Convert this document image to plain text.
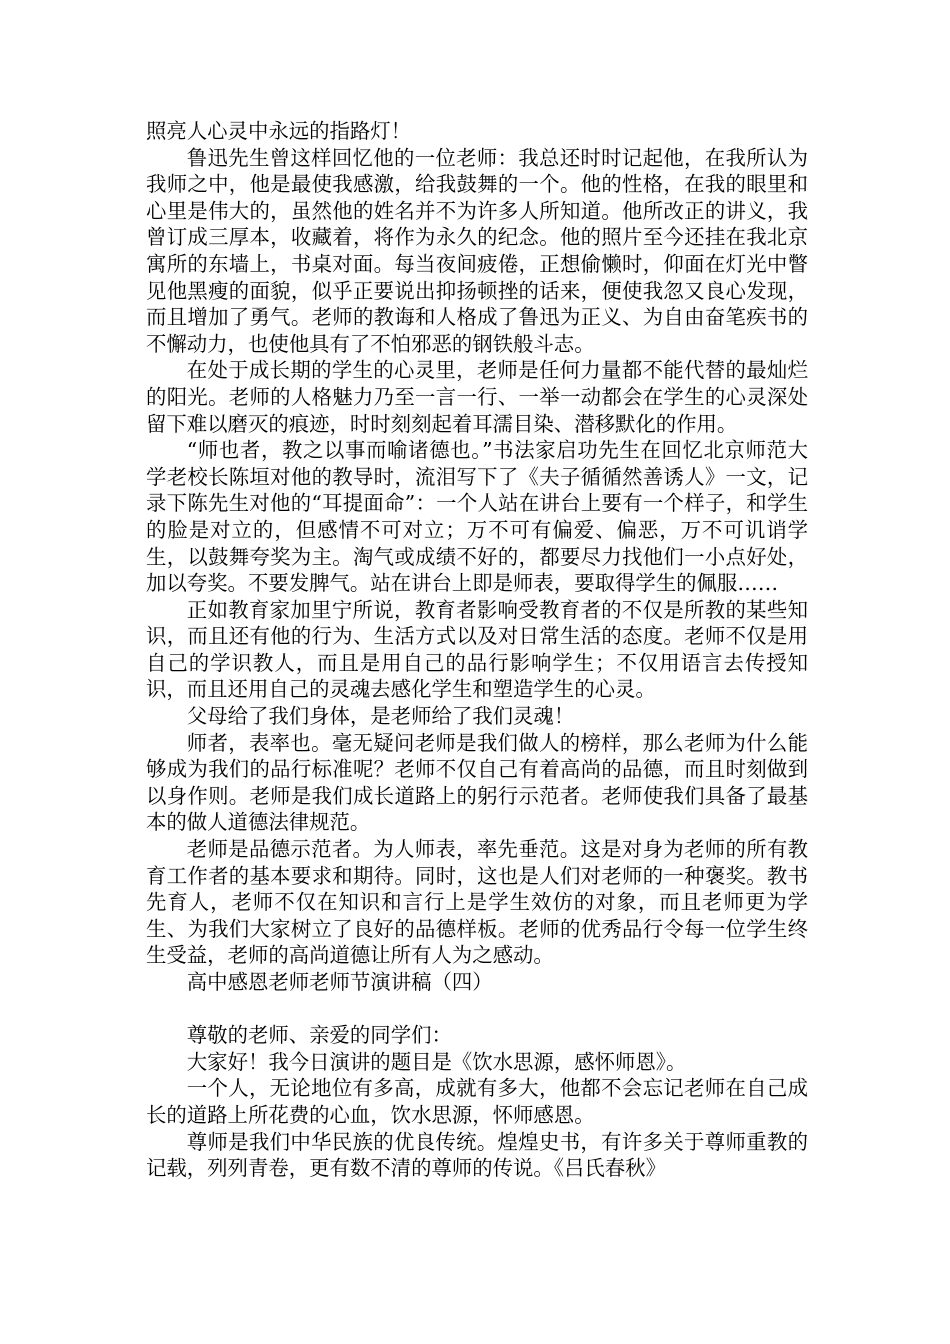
照亮人心灵中永远的指路灯！

鲁迅先生曾这样回忆他的一位老师：我总还时时记起他，在我所认为我师之中，他是最使我感激，给我鼓舞的一个。他的性格，在我的眼里和心里是伟大的，虽然他的姓名并不为许多人所知道。他所改正的讲义，我曾订成三厚本，收藏着，将作为永久的纪念。他的照片至今还挂在我北京寓所的东墙上，书桌对面。每当夜间疲倦，正想偷懒时，仰面在灯光中瞥见他黑瘦的面貌，似乎正要说出抑扬顿挫的话来，便使我忽又良心发现，而且增加了勇气。老师的教诲和人格成了鲁迅为正义、为自由奋笔疾书的不懈动力，也使他具有了不怕邪恶的钢铁般斗志。

在处于成长期的学生的心灵里，老师是任何力量都不能代替的最灿烂的阳光。老师的人格魅力乃至一言一行、一举一动都会在学生的心灵深处留下难以磨灭的痕迹，时时刻刻起着耳濡目染、潜移默化的作用。

“师也者，教之以事而喻诸德也。”书法家启功先生在回忆北京师范大学老校长陈垣对他的教导时，流泪写下了《夫子循循然善诱人》一文，记录下陈先生对他的“耳提面命”：一个人站在讲台上要有一个样子，和学生的脸是对立的，但感情不可对立；万不可有偏爱、偏恶，万不可讥诮学生，以鼓舞夸奖为主。淘气或成绩不好的，都要尽力找他们一小点好处，加以夸奖。不要发脾气。站在讲台上即是师表，要取得学生的佩服……

正如教育家加里宁所说，教育者影响受教育者的不仅是所教的某些知识，而且还有他的行为、生活方式以及对日常生活的态度。老师不仅是用自己的学识教人，而且是用自己的品行影响学生；不仅用语言去传授知识，而且还用自己的灵魂去感化学生和塑造学生的心灵。

父母给了我们身体，是老师给了我们灵魂！

师者，表率也。毫无疑问老师是我们做人的榜样，那么老师为什么能够成为我们的品行标准呢？老师不仅自己有着高尚的品德，而且时刻做到以身作则。老师是我们成长道路上的躬行示范者。老师使我们具备了最基本的做人道德法律规范。

老师是品德示范者。为人师表，率先垂范。这是对身为老师的所有教育工作者的基本要求和期待。同时，这也是人们对老师的一种褒奖。教书先育人，老师不仅在知识和言行上是学生效仿的对象，而且老师更为学生、为我们大家树立了良好的品德样板。老师的优秀品行令每一位学生终生受益，老师的高尚道德让所有人为之感动。

高中感恩老师老师节演讲稿（四）

尊敬的老师、亲爱的同学们：

大家好！我今日演讲的题目是《饮水思源，感怀师恩》。

一个人，无论地位有多高，成就有多大，他都不会忘记老师在自己成长的道路上所花费的心血，饮水思源，怀师感恩。

尊师是我们中华民族的优良传统。煌煌史书，有许多关于尊师重教的记载，列列青卷，更有数不清的尊师的传说。《吕氏春秋》
